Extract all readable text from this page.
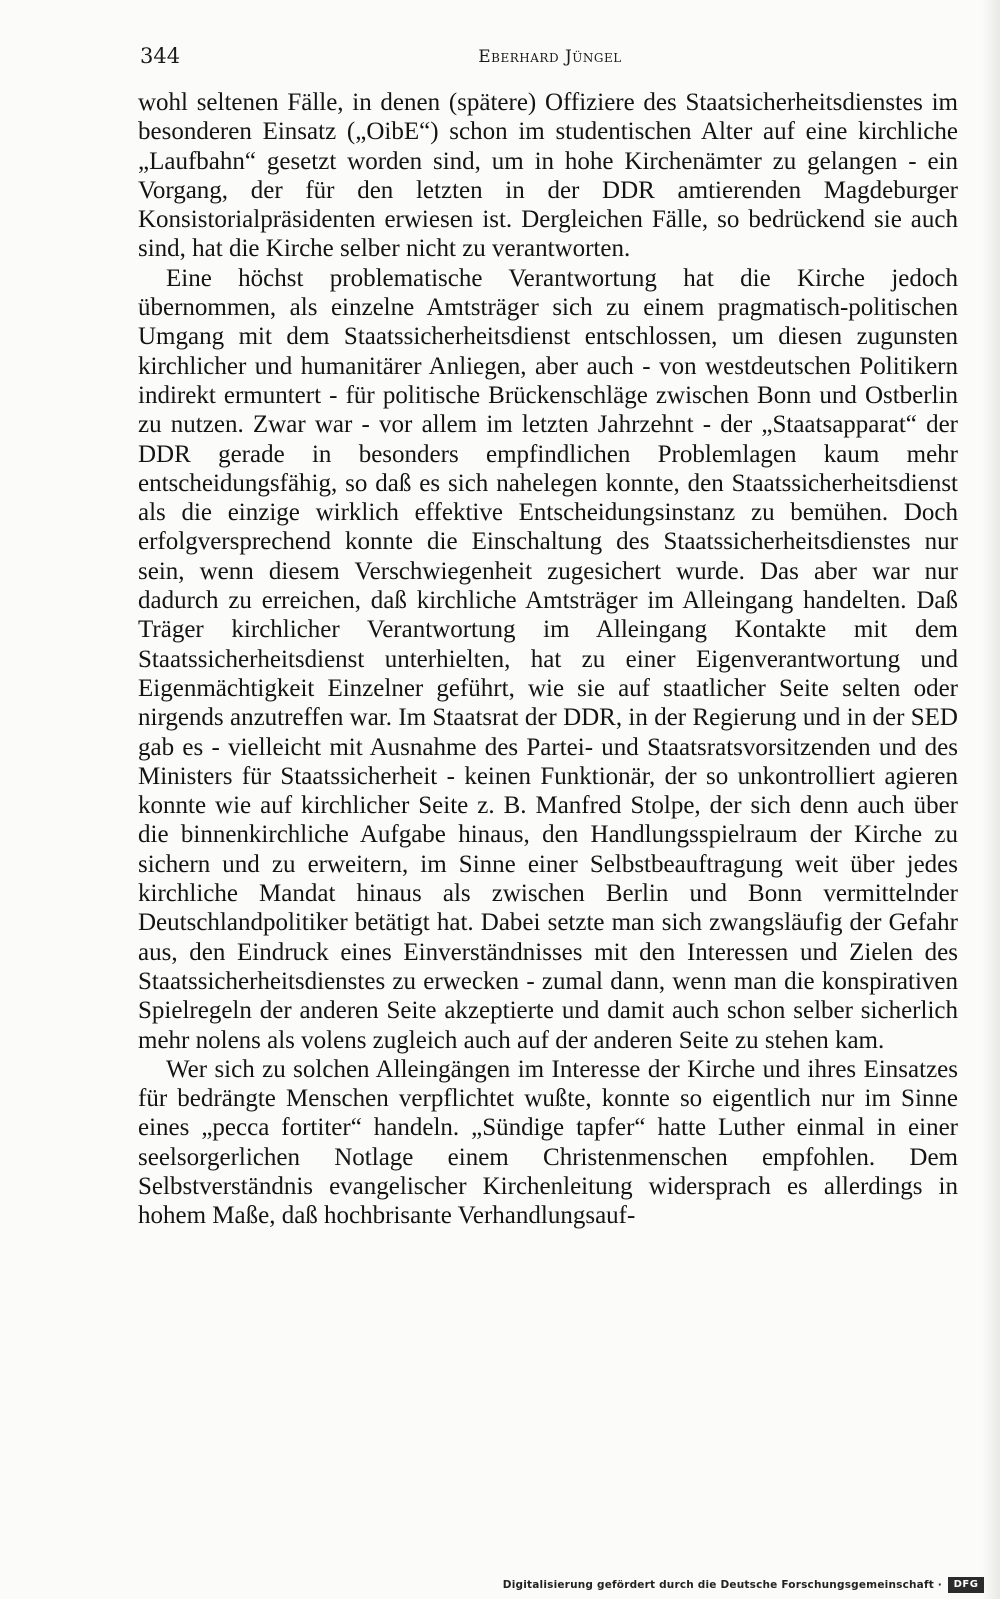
344	Eberhard Jüngel

wohl seltenen Fälle, in denen (spätere) Offiziere des Staatsicherheitsdienstes im besonderen Einsatz („OibE“) schon im studentischen Alter auf eine kirchliche „Laufbahn“ gesetzt worden sind, um in hohe Kirchenämter zu gelangen - ein Vorgang, der für den letzten in der DDR amtierenden Magdeburger Konsistorialpräsidenten erwiesen ist. Dergleichen Fälle, so bedrückend sie auch sind, hat die Kirche selber nicht zu verantworten.

Eine höchst problematische Verantwortung hat die Kirche jedoch übernommen, als einzelne Amtsträger sich zu einem pragmatisch-politischen Umgang mit dem Staatssicherheitsdienst entschlossen, um diesen zugunsten kirchlicher und humanitärer Anliegen, aber auch - von westdeutschen Politikern indirekt ermuntert - für politische Brückenschläge zwischen Bonn und Ostberlin zu nutzen. Zwar war - vor allem im letzten Jahrzehnt - der „Staatsapparat“ der DDR gerade in besonders empfindlichen Problemlagen kaum mehr entscheidungsfähig, so daß es sich nahelegen konnte, den Staatssicherheitsdienst als die einzige wirklich effektive Entscheidungsinstanz zu bemühen. Doch erfolgversprechend konnte die Einschaltung des Staatssicherheitsdienstes nur sein, wenn diesem Verschwiegenheit zugesichert wurde. Das aber war nur dadurch zu erreichen, daß kirchliche Amtsträger im Alleingang handelten. Daß Träger kirchlicher Verantwortung im Alleingang Kontakte mit dem Staatssicherheitsdienst unterhielten, hat zu einer Eigenverantwortung und Eigenmächtigkeit Einzelner geführt, wie sie auf staatlicher Seite selten oder nirgends anzutreffen war. Im Staatsrat der DDR, in der Regierung und in der SED gab es - vielleicht mit Ausnahme des Partei- und Staatsratsvorsitzenden und des Ministers für Staatssicherheit - keinen Funktionär, der so unkontrolliert agieren konnte wie auf kirchlicher Seite z. B. Manfred Stolpe, der sich denn auch über die binnenkirchliche Aufgabe hinaus, den Handlungsspielraum der Kirche zu sichern und zu erweitern, im Sinne einer Selbstbeauftragung weit über jedes kirchliche Mandat hinaus als zwischen Berlin und Bonn vermittelnder Deutschlandpolitiker betätigt hat. Dabei setzte man sich zwangsläufig der Gefahr aus, den Eindruck eines Einverständnisses mit den Interessen und Zielen des Staatssicherheitsdienstes zu erwecken - zumal dann, wenn man die konspirativen Spielregeln der anderen Seite akzeptierte und damit auch schon selber sicherlich mehr nolens als volens zugleich auch auf der anderen Seite zu stehen kam.

Wer sich zu solchen Alleingängen im Interesse der Kirche und ihres Einsatzes für bedrängte Menschen verpflichtet wußte, konnte so eigentlich nur im Sinne eines „pecca fortiter“ handeln. „Sündige tapfer“ hatte Luther einmal in einer seelsorgerlichen Notlage einem Christenmenschen empfohlen. Dem Selbstverständnis evangelischer Kirchenleitung widersprach es allerdings in hohem Maße, daß hochbrisante Verhandlungsauf-

Digitalisierung gefördert durch die Deutsche Forschungsgemeinschaft ·	DFG
